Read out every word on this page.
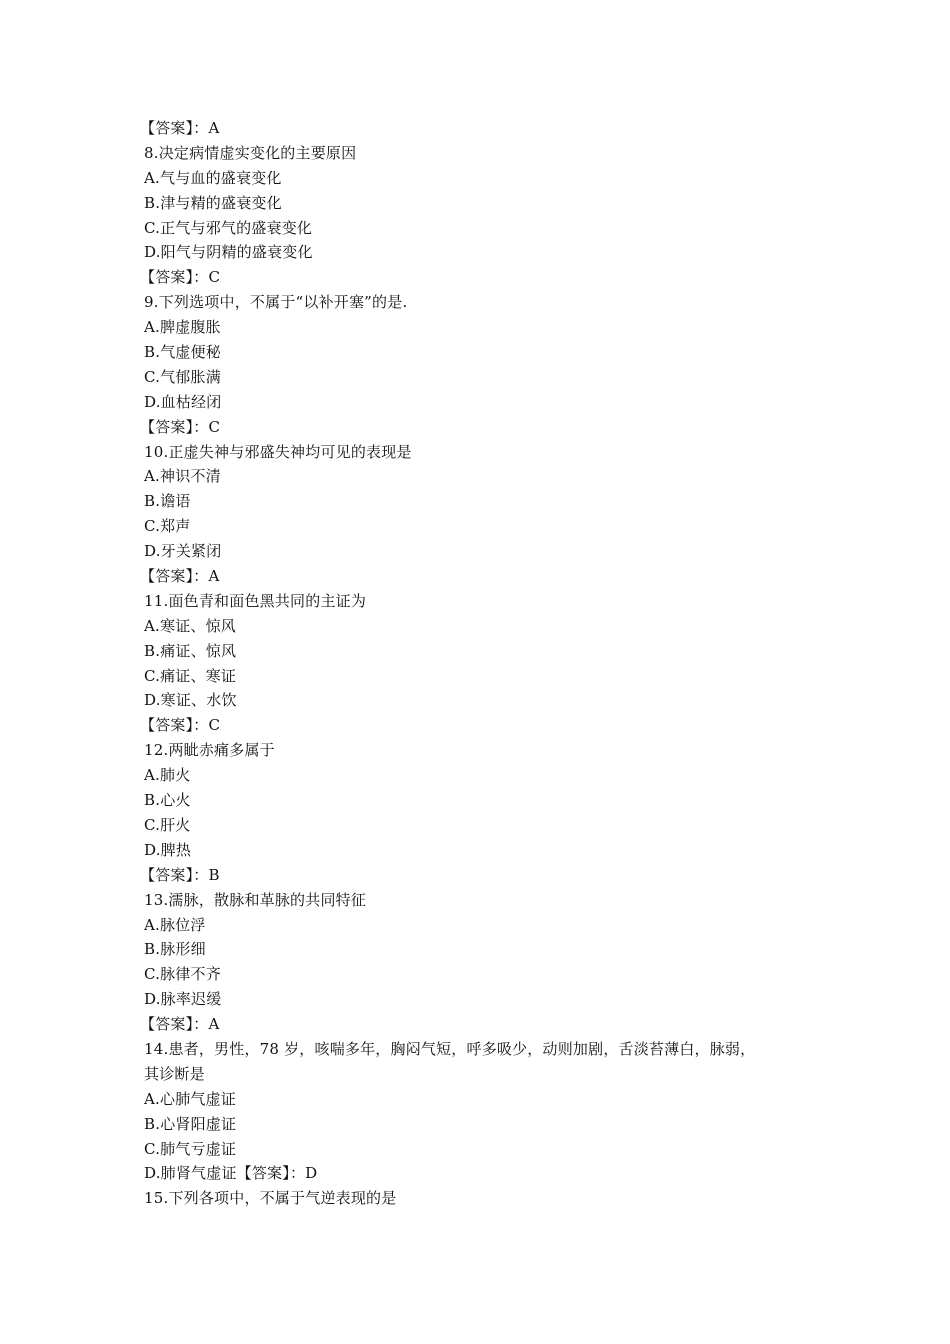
【答案】：A
8.决定病情虚实变化的主要原因
A.气与血的盛衰变化
B.津与精的盛衰变化
C.正气与邪气的盛衰变化
D.阳气与阴精的盛衰变化
【答案】：C
9.下列选项中，不属于“以补开塞”的是.
A.脾虚腹胀
B.气虚便秘
C.气郁胀满
D.血枯经闭
【答案】：C
10.正虚失神与邪盛失神均可见的表现是
A.神识不清
B.谵语
C.郑声
D.牙关紧闭
【答案】：A
11.面色青和面色黑共同的主证为
A.寒证、惊风
B.痛证、惊风
C.痛证、寒证
D.寒证、水饮
【答案】：C
12.两眦赤痛多属于
A.肺火
B.心火
C.肝火
D.脾热
【答案】：B
13.濡脉，散脉和革脉的共同特征
A.脉位浮
B.脉形细
C.脉律不齐
D.脉率迟缓
【答案】：A
14.患者，男性，78 岁，咳喘多年，胸闷气短，呼多吸少，动则加剧，舌淡苔薄白，脉弱，
其诊断是
A.心肺气虚证
B.心肾阳虚证
C.肺气亏虚证
D.肺肾气虚证【答案】：D
15.下列各项中，不属于气逆表现的是
